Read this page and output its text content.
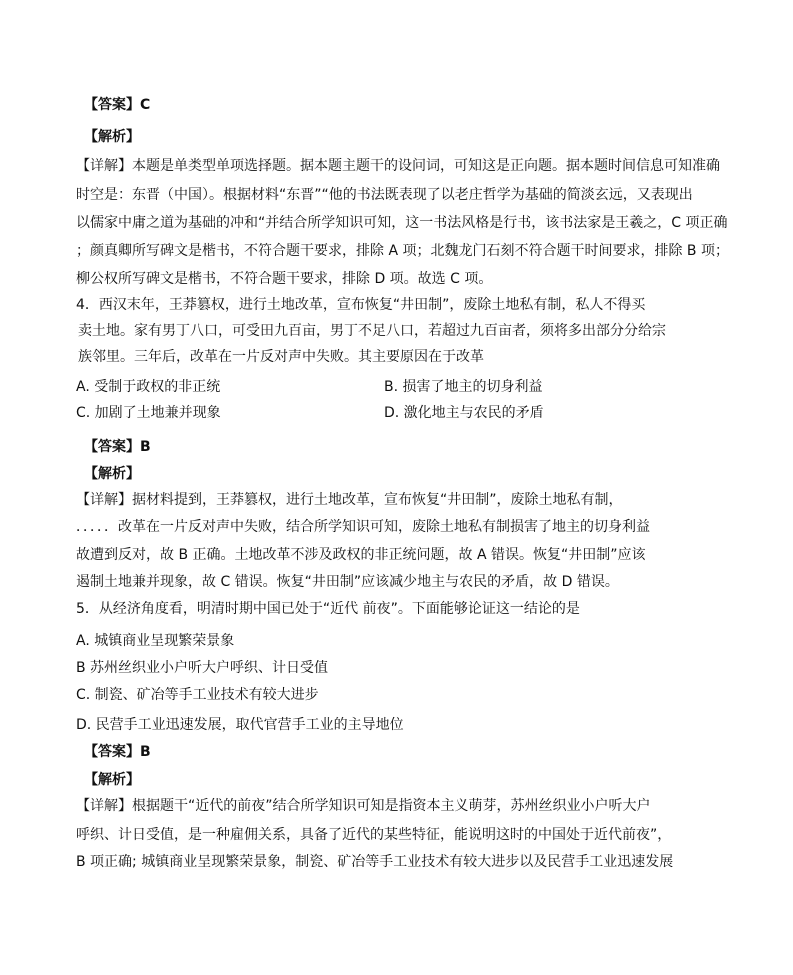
【答案】C
【解析】
【详解】本题是单类型单项选择题。据本题主题干的设问词，可知这是正向题。据本题时间信息可知准确
时空是：东晋（中国）。根据材料“东晋”“他的书法既表现了以老庄哲学为基础的简淡玄远，又表现出
以儒家中庸之道为基础的冲和“并结合所学知识可知，这一书法风格是行书，该书法家是王羲之，C 项正确
；颜真卿所写碑文是楷书，不符合题干要求，排除 A 项；北魏龙门石刻不符合题干时间要求，排除 B 项；
柳公权所写碑文是楷书，不符合题干要求，排除 D 项。故选 C 项。
4．西汉末年，王莽篡权，进行土地改革，宣布恢复“井田制”，废除土地私有制，私人不得买
卖土地。家有男丁八口，可受田九百亩，男丁不足八口，若超过九百亩者，须将多出部分分给宗
族邻里。三年后，改革在一片反对声中失败。其主要原因在于改革
A. 受制于政权的非正统	B. 损害了地主的切身利益
C. 加剧了土地兼并现象	D. 激化地主与农民的矛盾
【答案】B
【解析】
【详解】据材料提到，王莽篡权，进行土地改革，宣布恢复“井田制”，废除土地私有制，
．．．．．改革在一片反对声中失败，结合所学知识可知，废除土地私有制损害了地主的切身利益
故遭到反对，故 B 正确。土地改革不涉及政权的非正统问题，故 A 错误。恢复“井田制”应该
遏制土地兼并现象，故 C 错误。恢复“井田制”应该减少地主与农民的矛盾，故 D 错误。
5．从经济角度看，明清时期中国已处于“近代 前夜”。下面能够论证这一结论的是
A. 城镇商业呈现繁荣景象
B 苏州丝织业小户听大户呼织、计日受值
C. 制瓷、矿冶等手工业技术有较大进步
D. 民营手工业迅速发展，取代官营手工业的主导地位
【答案】B
【解析】
【详解】根据题干“近代的前夜”结合所学知识可知是指资本主义萌芽，苏州丝织业小户听大户
呼织、计日受值，是一种雇佣关系，具备了近代的某些特征，能说明这时的中国处于近代前夜”，
B 项正确; 城镇商业呈现繁荣景象，制瓷、矿冶等手工业技术有较大进步以及民营手工业迅速发展
